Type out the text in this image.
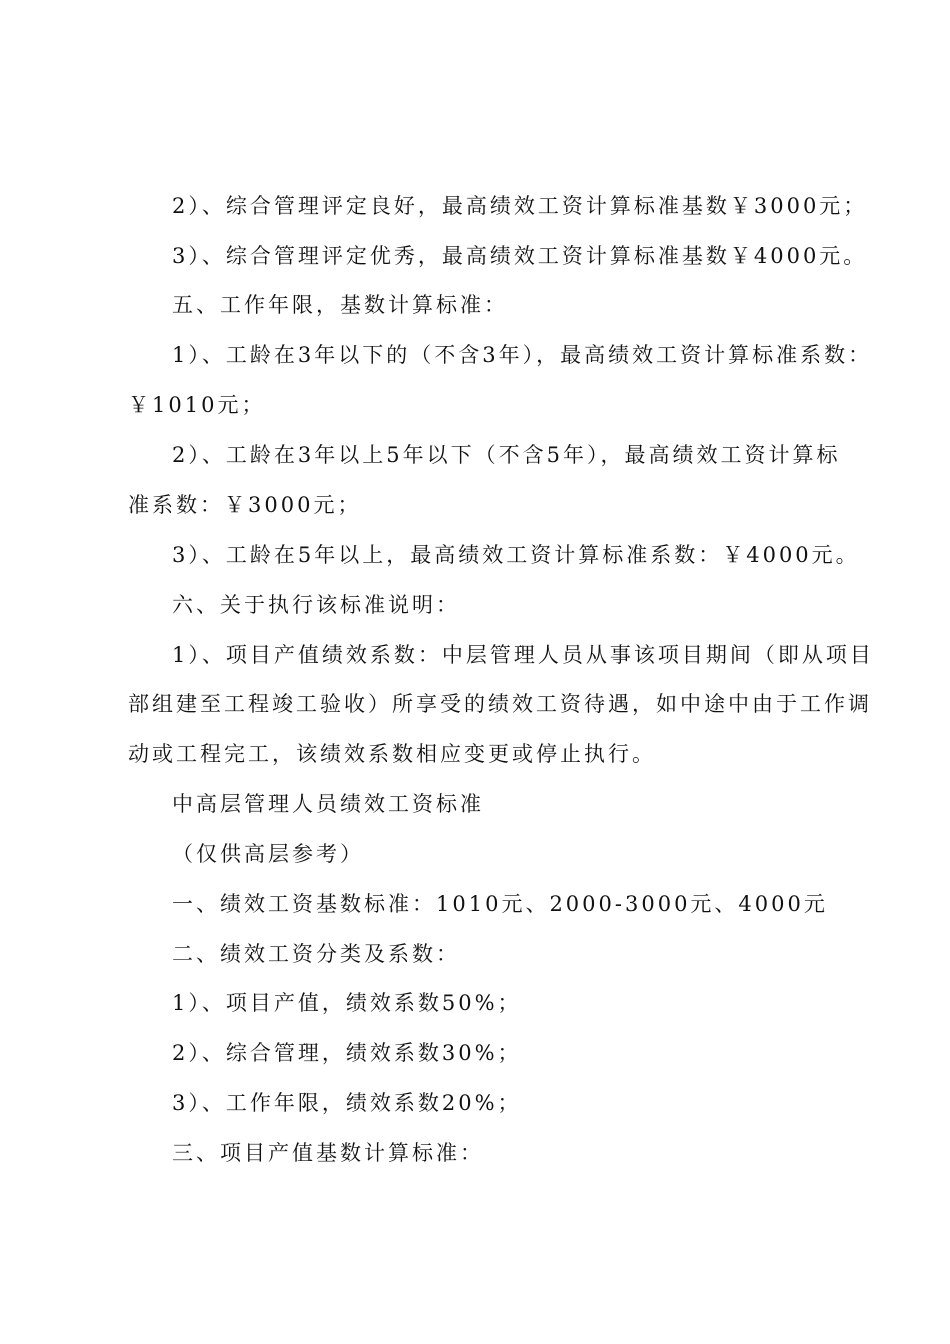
2）、综合管理评定良好，最高绩效工资计算标准基数￥3000元；
3）、综合管理评定优秀，最高绩效工资计算标准基数￥4000元。
五、工作年限，基数计算标准：
1）、工龄在3年以下的（不含3年），最高绩效工资计算标准系数：
￥1010元；
2）、工龄在3年以上5年以下（不含5年），最高绩效工资计算标
准系数：￥3000元；
3）、工龄在5年以上，最高绩效工资计算标准系数：￥4000元。
六、关于执行该标准说明：
1）、项目产值绩效系数：中层管理人员从事该项目期间（即从项目
部组建至工程竣工验收）所享受的绩效工资待遇，如中途中由于工作调
动或工程完工，该绩效系数相应变更或停止执行。
中高层管理人员绩效工资标准
（仅供高层参考）
一、绩效工资基数标准：1010元、2000-3000元、4000元
二、绩效工资分类及系数：
1）、项目产值，绩效系数50%；
2）、综合管理，绩效系数30%；
3）、工作年限，绩效系数20%；
三、项目产值基数计算标准：
